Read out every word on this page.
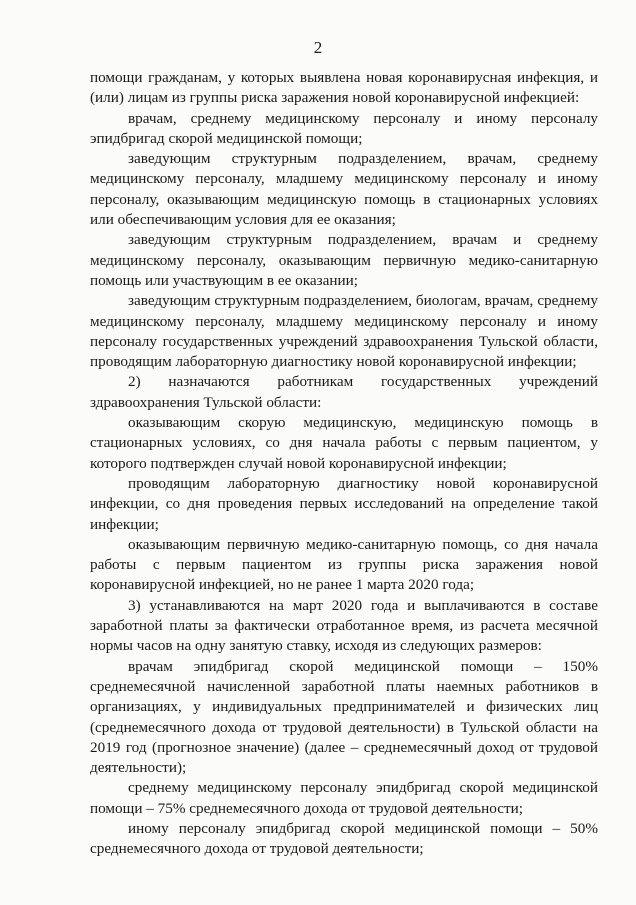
2

помощи гражданам, у которых выявлена новая коронавирусная инфекция, и (или) лицам из группы риска заражения новой коронавирусной инфекцией:

врачам, среднему медицинскому персоналу и иному персоналу эпидбригад скорой медицинской помощи;

заведующим структурным подразделением, врачам, среднему медицинскому персоналу, младшему медицинскому персоналу и иному персоналу, оказывающим медицинскую помощь в стационарных условиях или обеспечивающим условия для ее оказания;

заведующим структурным подразделением, врачам и среднему медицинскому персоналу, оказывающим первичную медико-санитарную помощь или участвующим в ее оказании;

заведующим структурным подразделением, биологам, врачам, среднему медицинскому персоналу, младшему медицинскому персоналу и иному персоналу государственных учреждений здравоохранения Тульской области, проводящим лабораторную диагностику новой коронавирусной инфекции;

2) назначаются работникам государственных учреждений здравоохранения Тульской области:

оказывающим скорую медицинскую, медицинскую помощь в стационарных условиях, со дня начала работы с первым пациентом, у которого подтвержден случай новой коронавирусной инфекции;

проводящим лабораторную диагностику новой коронавирусной инфекции, со дня проведения первых исследований на определение такой инфекции;

оказывающим первичную медико-санитарную помощь, со дня начала работы с первым пациентом из группы риска заражения новой коронавирусной инфекцией, но не ранее 1 марта 2020 года;

3) устанавливаются на март 2020 года и выплачиваются в составе заработной платы за фактически отработанное время, из расчета месячной нормы часов на одну занятую ставку, исходя из следующих размеров:

врачам эпидбригад скорой медицинской помощи – 150% среднемесячной начисленной заработной платы наемных работников в организациях, у индивидуальных предпринимателей и физических лиц (среднемесячного дохода от трудовой деятельности) в Тульской области на 2019 год (прогнозное значение) (далее – среднемесячный доход от трудовой деятельности);

среднему медицинскому персоналу эпидбригад скорой медицинской помощи – 75% среднемесячного дохода от трудовой деятельности;

иному персоналу эпидбригад скорой медицинской помощи – 50% среднемесячного дохода от трудовой деятельности;
